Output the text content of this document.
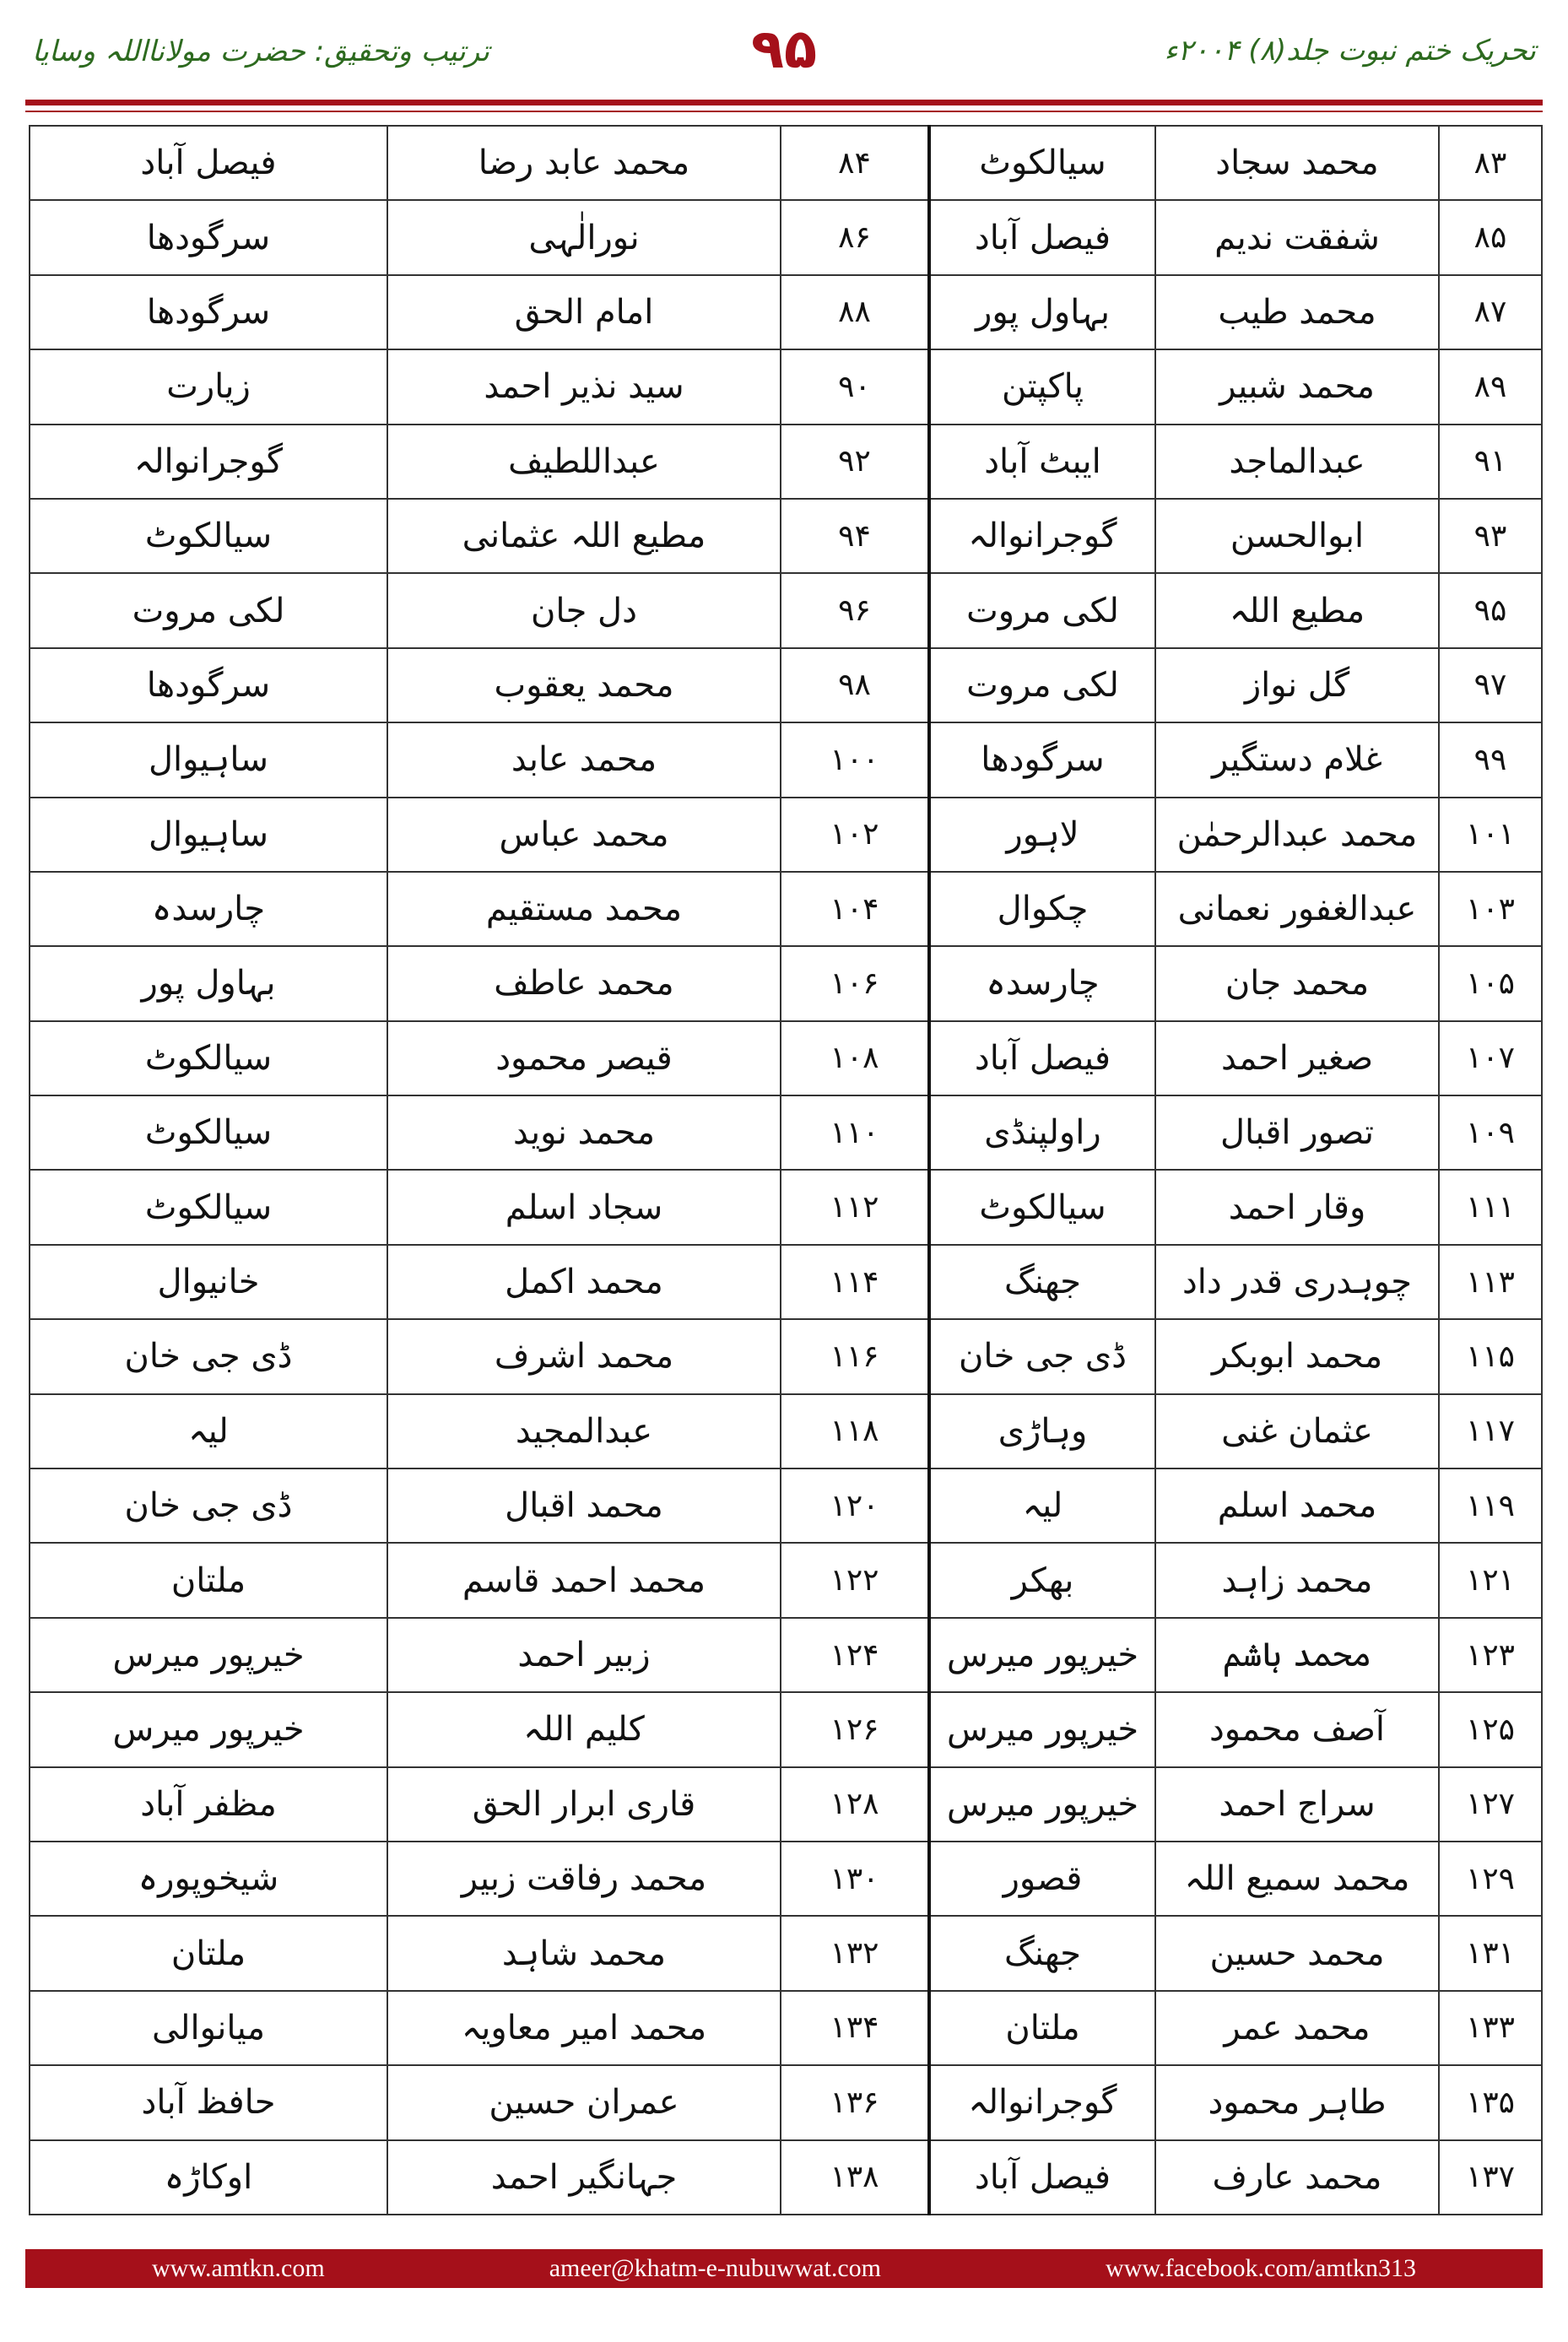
تحریک ختم نبوت جلد(۸) ۲۰۰۴ء
۹۵
ترتیب وتحقیق: حضرت مولانااللہ وسایا
۸۳	محمد سجاد	سیالکوٹ	۸۴	محمد عابد رضا	فیصل آباد
۸۵	شفقت ندیم	فیصل آباد	۸۶	نورالٰہی	سرگودھا
۸۷	محمد طیب	بہاول پور	۸۸	امام الحق	سرگودھا
۸۹	محمد شبیر	پاکپتن	۹۰	سید نذیر احمد	زیارت
۹۱	عبدالماجد	ایبٹ آباد	۹۲	عبداللطیف	گوجرانوالہ
۹۳	ابوالحسن	گوجرانوالہ	۹۴	مطیع اللہ عثمانی	سیالکوٹ
۹۵	مطیع اللہ	لکی مروت	۹۶	دل جان	لکی مروت
۹۷	گل نواز	لکی مروت	۹۸	محمد یعقوب	سرگودھا
۹۹	غلام دستگیر	سرگودھا	۱۰۰	محمد عابد	ساہیوال
۱۰۱	محمد عبدالرحمٰن	لاہور	۱۰۲	محمد عباس	ساہیوال
۱۰۳	عبدالغفور نعمانی	چکوال	۱۰۴	محمد مستقیم	چارسدہ
۱۰۵	محمد جان	چارسدہ	۱۰۶	محمد عاطف	بہاول پور
۱۰۷	صغیر احمد	فیصل آباد	۱۰۸	قیصر محمود	سیالکوٹ
۱۰۹	تصور اقبال	راولپنڈی	۱۱۰	محمد نوید	سیالکوٹ
۱۱۱	وقار احمد	سیالکوٹ	۱۱۲	سجاد اسلم	سیالکوٹ
۱۱۳	چوہدری قدر داد	جھنگ	۱۱۴	محمد اکمل	خانیوال
۱۱۵	محمد ابوبکر	ڈی جی خان	۱۱۶	محمد اشرف	ڈی جی خان
۱۱۷	عثمان غنی	وہاڑی	۱۱۸	عبدالمجید	لیہ
۱۱۹	محمد اسلم	لیہ	۱۲۰	محمد اقبال	ڈی جی خان
۱۲۱	محمد زاہد	بھکر	۱۲۲	محمد احمد قاسم	ملتان
۱۲۳	محمد ہاشم	خیرپور میرس	۱۲۴	زبیر احمد	خیرپور میرس
۱۲۵	آصف محمود	خیرپور میرس	۱۲۶	کلیم اللہ	خیرپور میرس
۱۲۷	سراج احمد	خیرپور میرس	۱۲۸	قاری ابرار الحق	مظفر آباد
۱۲۹	محمد سمیع اللہ	قصور	۱۳۰	محمد رفاقت زبیر	شیخوپورہ
۱۳۱	محمد حسین	جھنگ	۱۳۲	محمد شاہد	ملتان
۱۳۳	محمد عمر	ملتان	۱۳۴	محمد امیر معاویہ	میانوالی
۱۳۵	طاہر محمود	گوجرانوالہ	۱۳۶	عمران حسین	حافظ آباد
۱۳۷	محمد عارف	فیصل آباد	۱۳۸	جہانگیر احمد	اوکاڑہ
www.amtkn.com	ameer@khatm-e-nubuwwat.com	www.facebook.com/amtkn313
